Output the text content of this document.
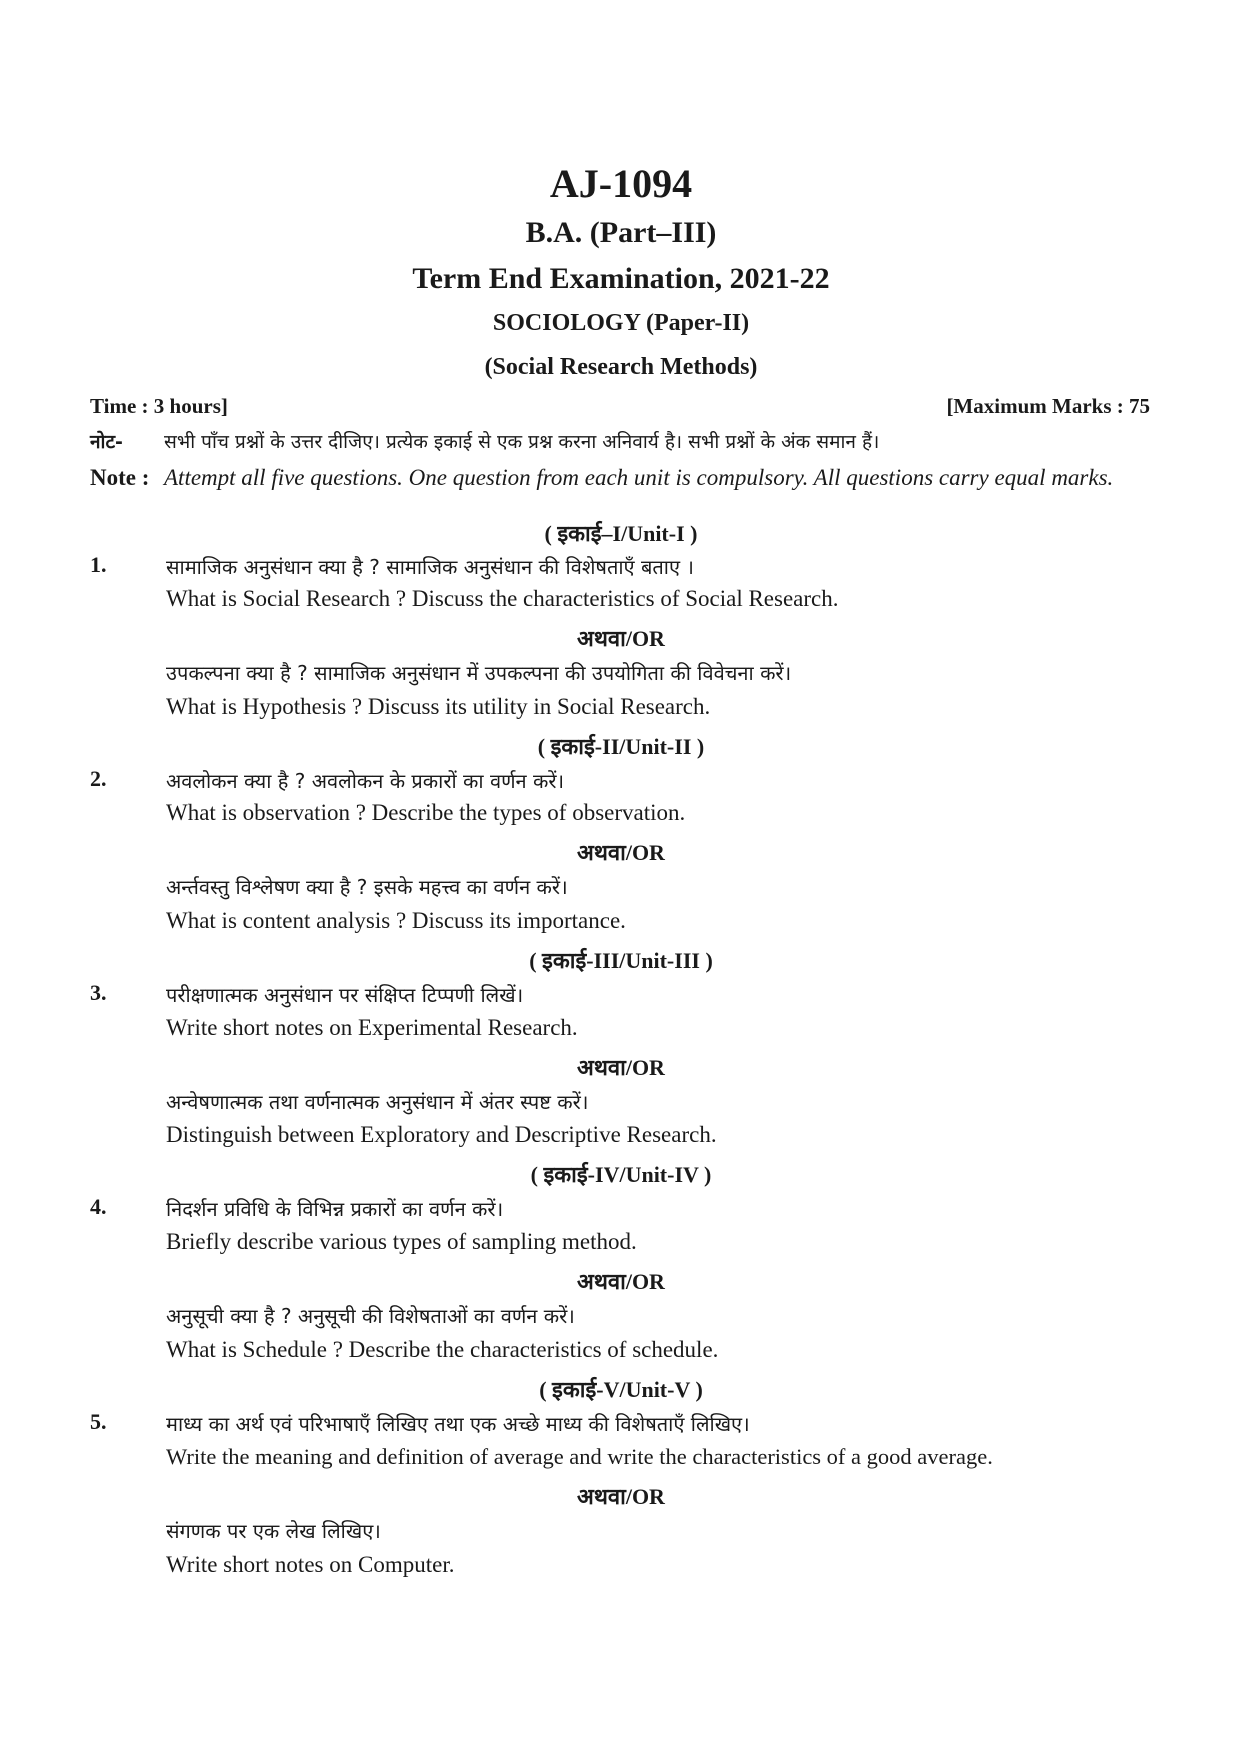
AJ-1094
B.A. (Part–III)
Term End Examination, 2021-22
SOCIOLOGY (Paper-II)
(Social Research Methods)
Time : 3 hours]	[Maximum Marks : 75
नोट- सभी पाँच प्रश्नों के उत्तर दीजिए। प्रत्येक इकाई से एक प्रश्न करना अनिवार्य है। सभी प्रश्नों के अंक समान हैं।
Note : Attempt all five questions. One question from each unit is compulsory. All questions carry equal marks.
( इकाई–I/Unit-I )
1.	सामाजिक अनुसंधान क्या है ? सामाजिक अनुसंधान की विशेषताएँ बताए ।
What is Social Research ? Discuss the characteristics of Social Research.
अथवा/OR
उपकल्पना क्या है ? सामाजिक अनुसंधान में उपकल्पना की उपयोगिता की विवेचना करें।
What is Hypothesis ? Discuss its utility in Social Research.
( इकाई-II/Unit-II )
2.	अवलोकन क्या है ? अवलोकन के प्रकारों का वर्णन करें।
What is observation ? Describe the types of observation.
अथवा/OR
अर्न्तवस्तु विश्लेषण क्या है ? इसके महत्त्व का वर्णन करें।
What is content analysis ? Discuss its importance.
( इकाई-III/Unit-III )
3.	परीक्षणात्मक अनुसंधान पर संक्षिप्त टिप्पणी लिखें।
Write short notes on Experimental Research.
अथवा/OR
अन्वेषणात्मक तथा वर्णनात्मक अनुसंधान में अंतर स्पष्ट करें।
Distinguish between Exploratory and Descriptive Research.
( इकाई-IV/Unit-IV )
4.	निदर्शन प्रविधि के विभिन्न प्रकारों का वर्णन करें।
Briefly describe various types of sampling method.
अथवा/OR
अनुसूची क्या है ? अनुसूची की विशेषताओं का वर्णन करें।
What is Schedule ? Describe the characteristics of schedule.
( इकाई-V/Unit-V )
5.	माध्य का अर्थ एवं परिभाषाएँ लिखिए तथा एक अच्छे माध्य की विशेषताएँ लिखिए।
Write the meaning and definition of average and write the characteristics of a good average.
अथवा/OR
संगणक पर एक लेख लिखिए।
Write short notes on Computer.
